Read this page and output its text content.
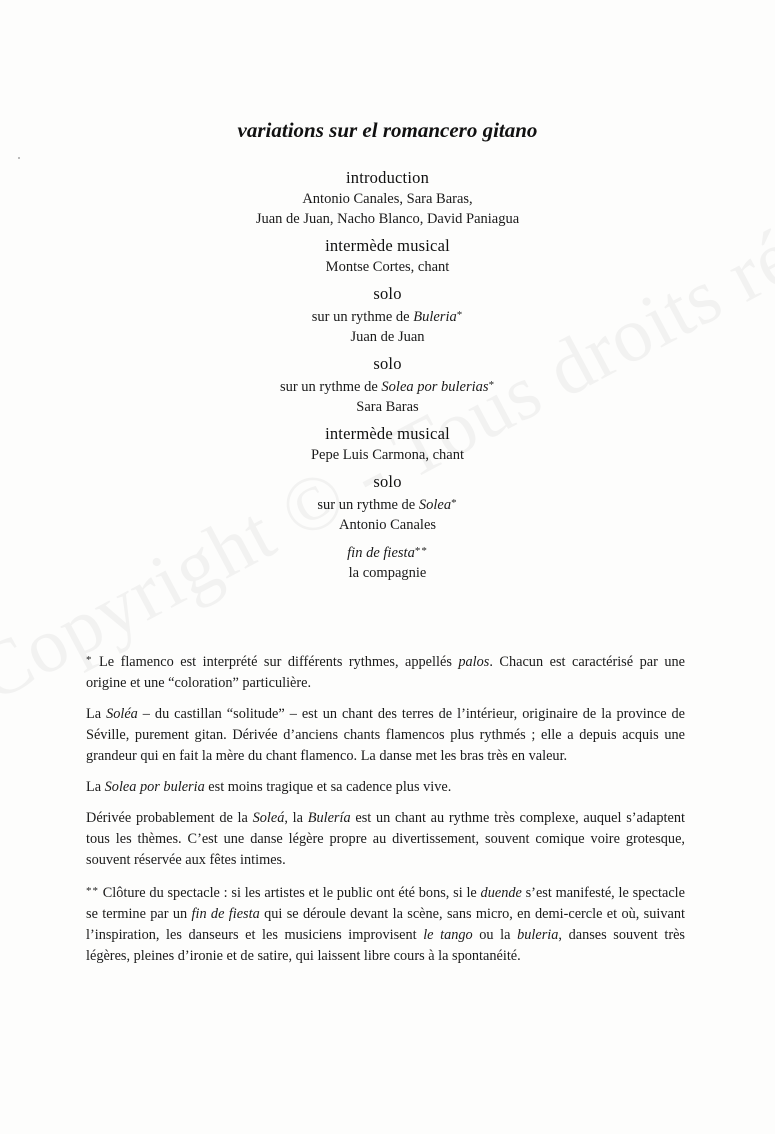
variations sur el romancero gitano
introduction
Antonio Canales, Sara Baras,
Juan de Juan, Nacho Blanco, David Paniagua
intermède musical
Montse Cortes, chant
solo
sur un rythme de Buleria*
Juan de Juan
solo
sur un rythme de Solea por bulerias*
Sara Baras
intermède musical
Pepe Luis Carmona, chant
solo
sur un rythme de Solea*
Antonio Canales
fin de fiesta**
la compagnie

* Le flamenco est interprété sur différents rythmes, appellés palos. Chacun est caractérisé par une origine et une “coloration” particulière.

La Soléa – du castillan “solitude” – est un chant des terres de l’intérieur, originaire de la province de Séville, purement gitan. Dérivée d’anciens chants flamencos plus rythmés ; elle a depuis acquis une grandeur qui en fait la mère du chant flamenco. La danse met les bras très en valeur.

La Solea por buleria est moins tragique et sa cadence plus vive.

Dérivée probablement de la Soleá, la Bulería est un chant au rythme très complexe, auquel s’adaptent tous les thèmes. C’est une danse légère propre au divertissement, souvent comique voire grotesque, souvent réservée aux fêtes intimes.

** Clôture du spectacle : si les artistes et le public ont été bons, si le duende s’est manifesté, le spectacle se termine par un fin de fiesta qui se déroule devant la scène, sans micro, en demi-cercle et où, suivant l’inspiration, les danseurs et les musiciens improvisent le tango ou la buleria, danses souvent très légères, pleines d’ironie et de satire, qui laissent libre cours à la spontanéité.
